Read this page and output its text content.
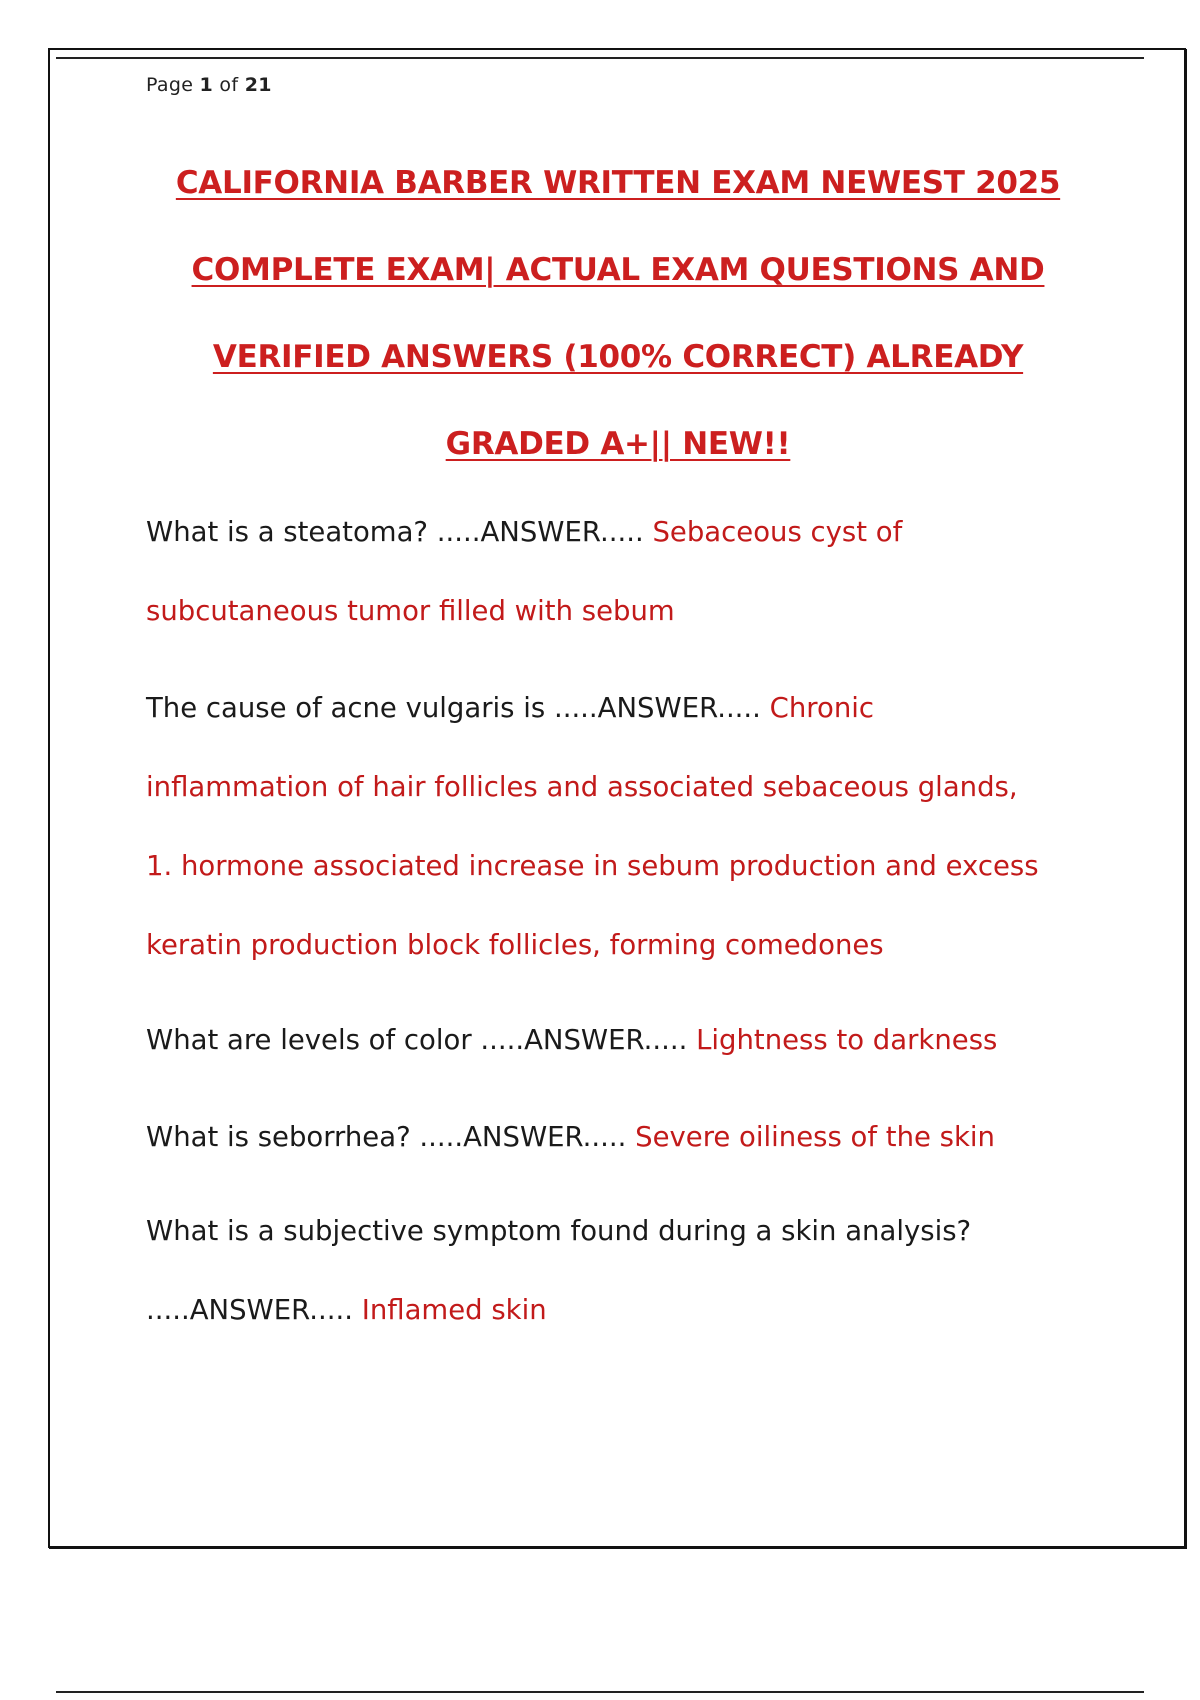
Page 1 of 21
CALIFORNIA BARBER WRITTEN EXAM NEWEST 2025
COMPLETE EXAM| ACTUAL EXAM QUESTIONS AND
VERIFIED ANSWERS (100% CORRECT) ALREADY
GRADED A+|| NEW!!
What is a steatoma? .....ANSWER..... Sebaceous cyst of
subcutaneous tumor filled with sebum
The cause of acne vulgaris is .....ANSWER..... Chronic
inflammation of hair follicles and associated sebaceous glands,
1. hormone associated increase in sebum production and excess
keratin production block follicles, forming comedones
What are levels of color .....ANSWER..... Lightness to darkness
What is seborrhea? .....ANSWER..... Severe oiliness of the skin
What is a subjective symptom found during a skin analysis?
.....ANSWER..... Inflamed skin
